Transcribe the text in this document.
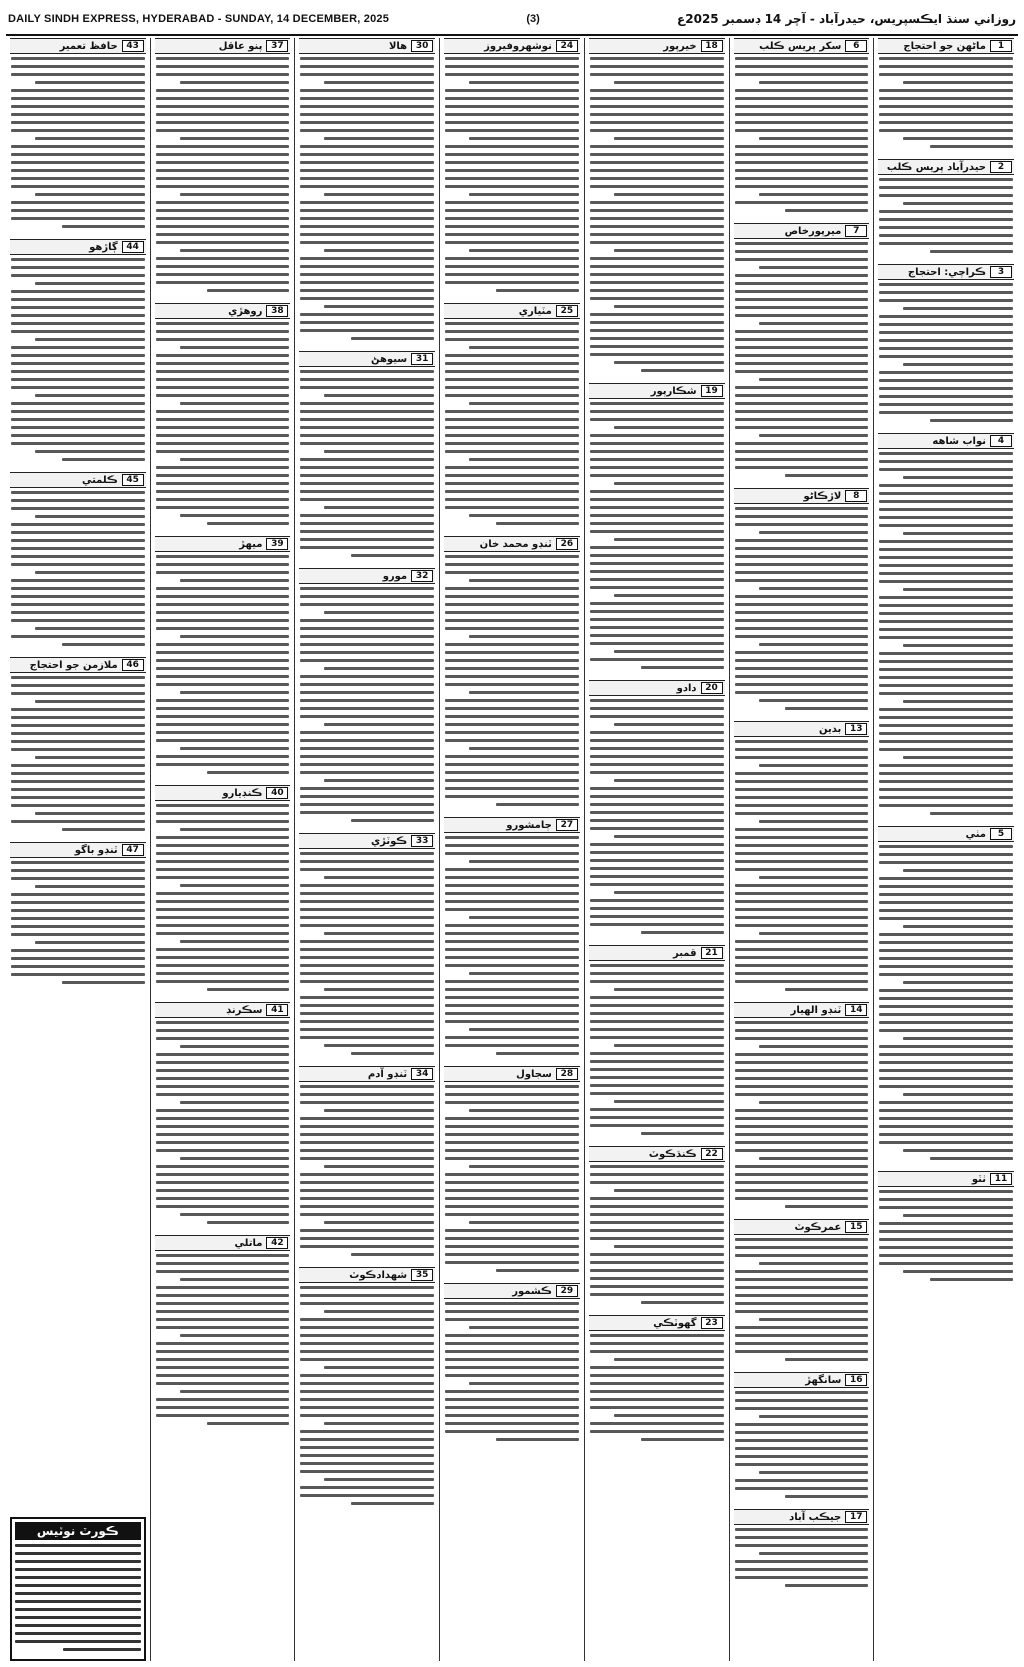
DAILY SINDH EXPRESS, HYDERABAD - SUNDAY, 14 DECEMBER, 2025	(3)	روزاني سنڌ ايڪسپريس، حيدرآباد - آچر 14 ڊسمبر 2025ع
1
ماڻهن جو احتجاج
2
حيدرآباد پريس ڪلب
3
ڪراچي: احتجاج
4
نواب شاهه
5
مٺي
11
ٺٽو
6
سکر پريس ڪلب
7
ميرپورخاص
8
لاڙڪاڻو
13
بدين
14
ٽنڊو الهيار
15
عمرڪوٽ
16
سانگهڙ
17
جيڪب آباد
18
خيرپور
19
شڪارپور
20
دادو
21
قمبر
22
ڪنڌڪوٽ
23
گهوٽڪي
24
نوشهروفيروز
25
مٽياري
26
ٽنڊو محمد خان
27
ڄامشورو
28
سجاول
29
ڪشمور
30
هالا
31
سيوهڻ
32
مورو
33
ڪوٽڙي
34
ٽنڊو آدم
35
شهدادڪوٽ
37
پنو عاقل
38
روهڙي
39
ميهڙ
40
ڪنڊيارو
41
سڪرنڊ
42
ماتلي
43
حافظ تعمير
44
ڳاڙهو
45
ڪلمتي
46
ملازمن جو احتجاج
47
ٽنڊو باگو
ڪورٽ نوٽيس
